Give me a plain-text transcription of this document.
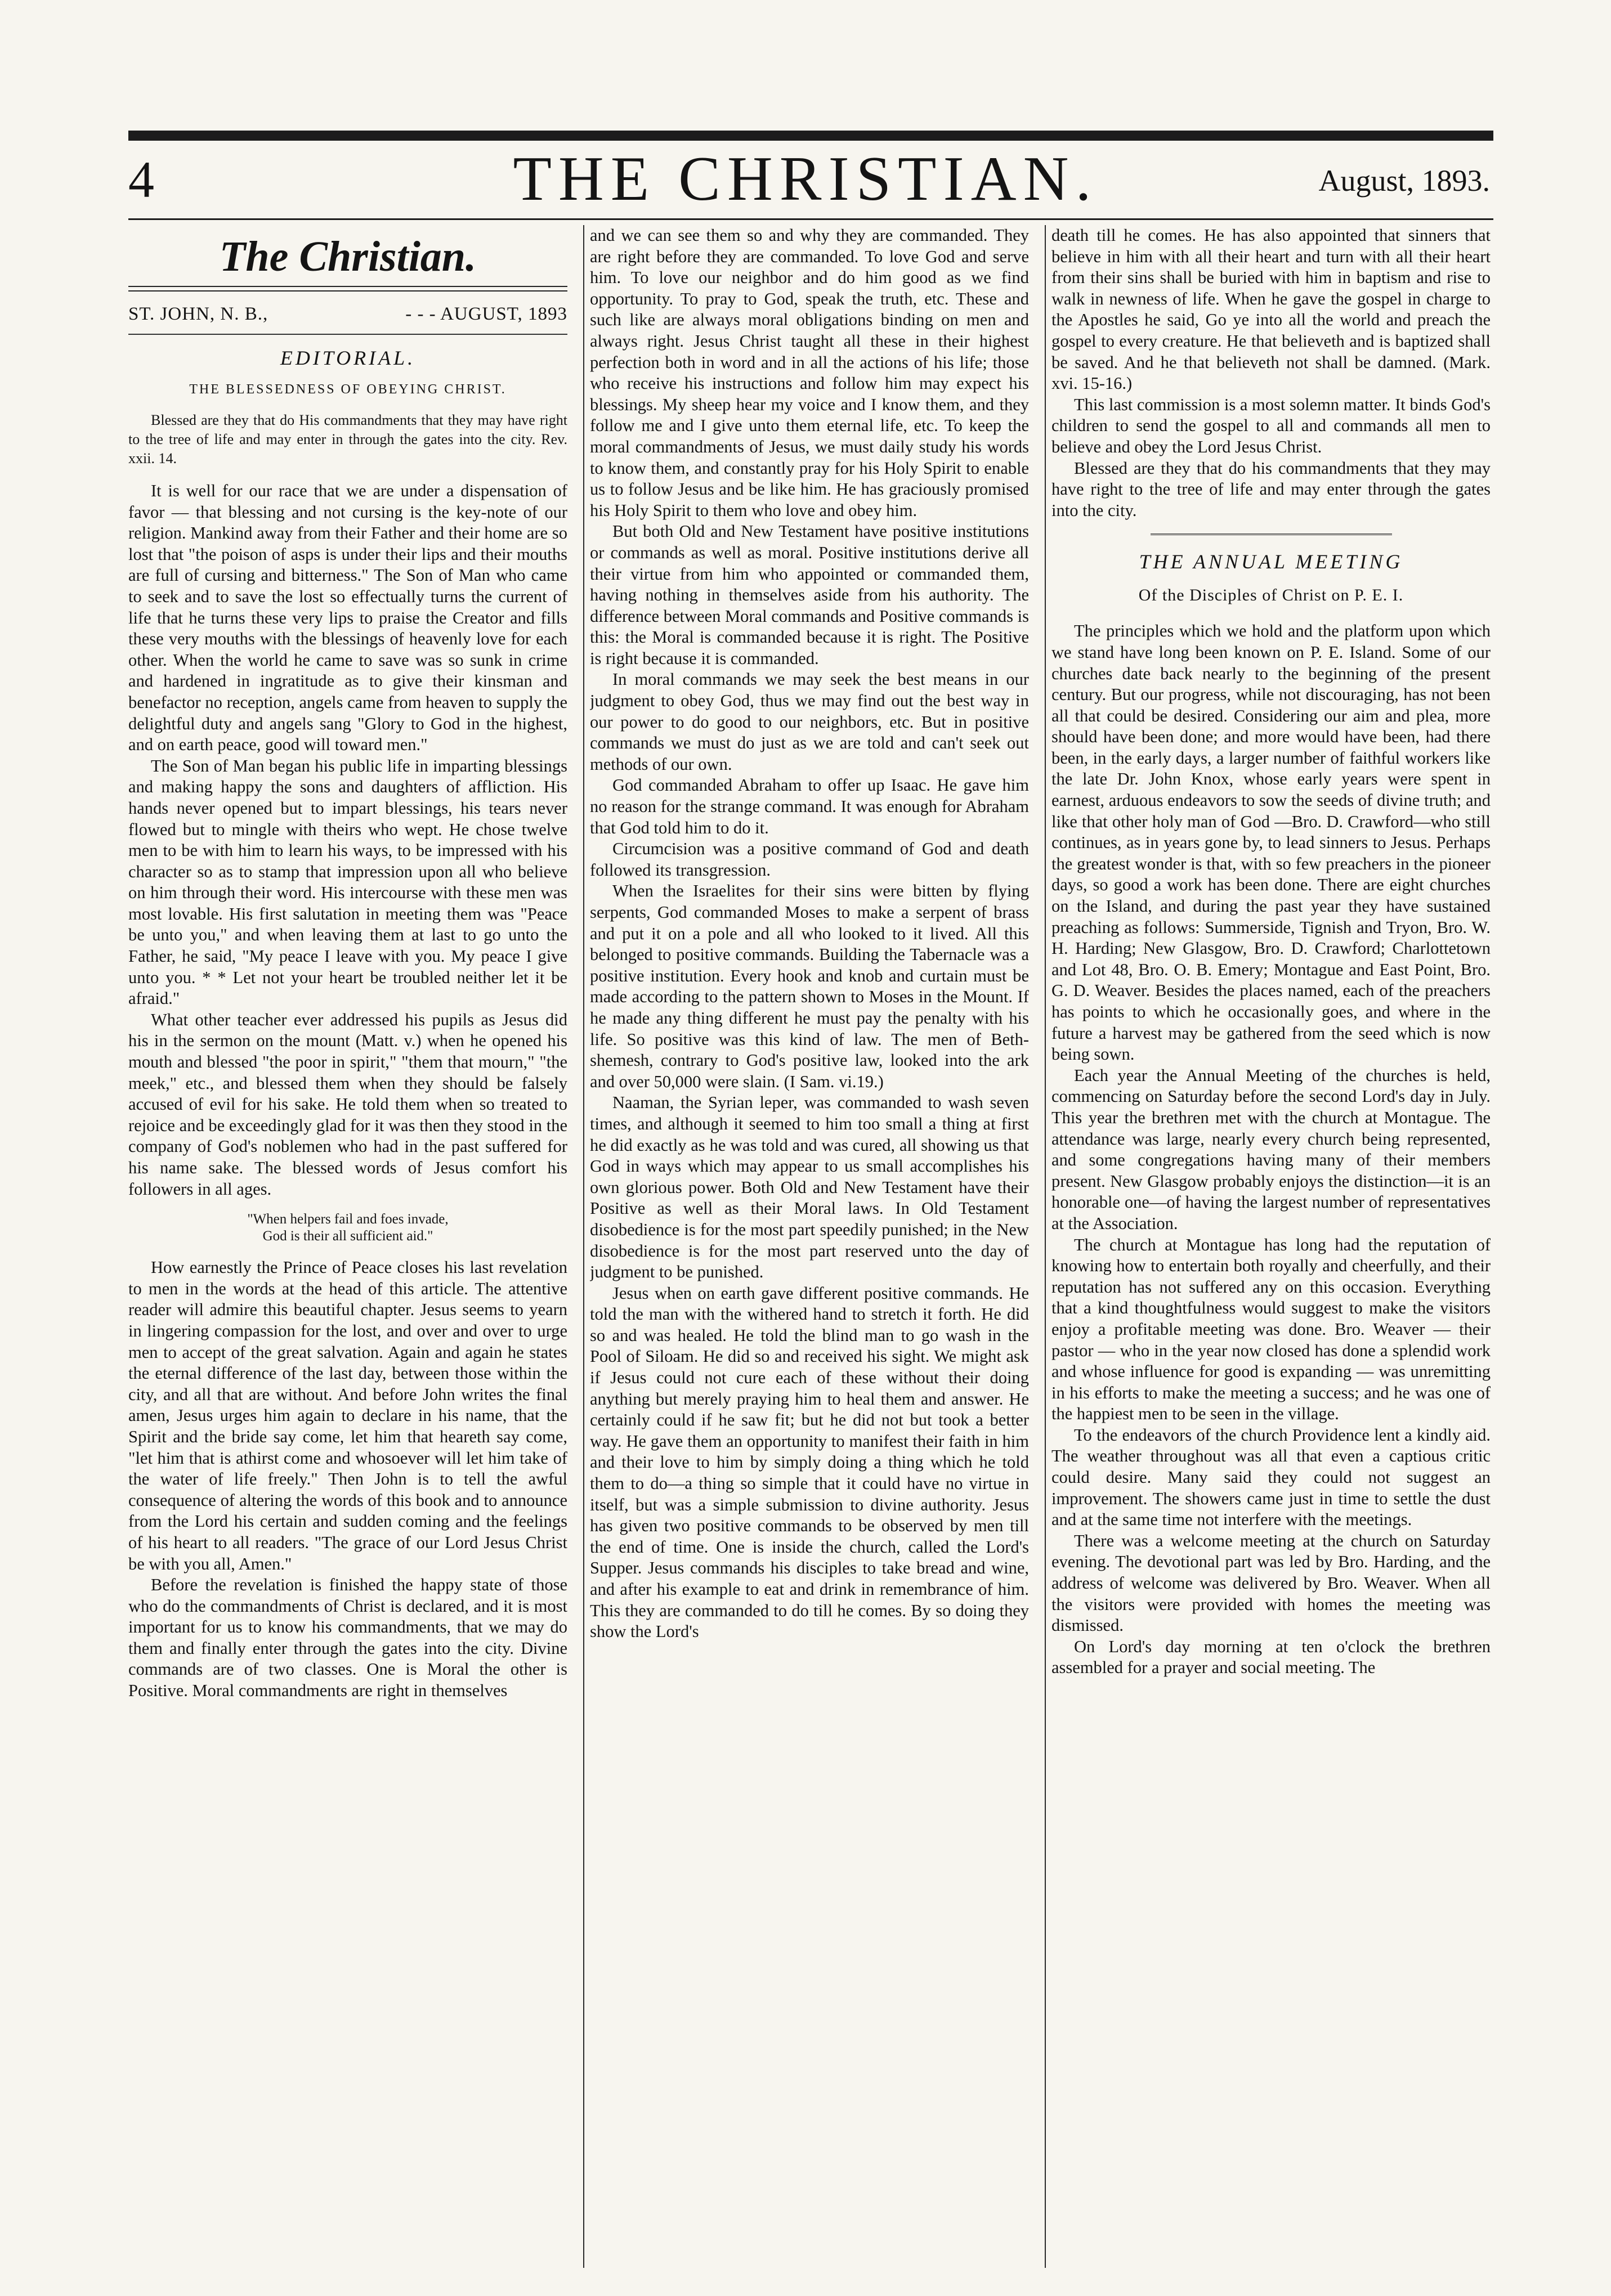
4	THE CHRISTIAN.	August, 1893.
The Christian.
ST. JOHN, N. B.,	- - - AUGUST, 1893
EDITORIAL.
THE BLESSEDNESS OF OBEYING CHRIST.

Blessed are they that do His commandments that they may have right to the tree of life and may enter in through the gates into the city. Rev. xxii. 14.

It is well for our race that we are under a dispensation of favor — that blessing and not cursing is the key-note of our religion. Mankind away from their Father and their home are so lost that "the poison of asps is under their lips and their mouths are full of cursing and bitterness." The Son of Man who came to seek and to save the lost so effectually turns the current of life that he turns these very lips to praise the Creator and fills these very mouths with the blessings of heavenly love for each other. When the world he came to save was so sunk in crime and hardened in ingratitude as to give their kinsman and benefactor no reception, angels came from heaven to supply the delightful duty and angels sang "Glory to God in the highest, and on earth peace, good will toward men."

The Son of Man began his public life in imparting blessings and making happy the sons and daughters of affliction. His hands never opened but to impart blessings, his tears never flowed but to mingle with theirs who wept. He chose twelve men to be with him to learn his ways, to be impressed with his character so as to stamp that impression upon all who believe on him through their word. His intercourse with these men was most lovable. His first salutation in meeting them was "Peace be unto you," and when leaving them at last to go unto the Father, he said, "My peace I leave with you. My peace I give unto you. * * Let not your heart be troubled neither let it be afraid."

What other teacher ever addressed his pupils as Jesus did his in the sermon on the mount (Matt. v.) when he opened his mouth and blessed "the poor in spirit," "them that mourn," "the meek," etc., and blessed them when they should be falsely accused of evil for his sake. He told them when so treated to rejoice and be exceedingly glad for it was then they stood in the company of God's noblemen who had in the past suffered for his name sake. The blessed words of Jesus comfort his followers in all ages.

"When helpers fail and foes invade,
God is their all sufficient aid."

How earnestly the Prince of Peace closes his last revelation to men in the words at the head of this article. The attentive reader will admire this beautiful chapter. Jesus seems to yearn in lingering compassion for the lost, and over and over to urge men to accept of the great salvation. Again and again he states the eternal difference of the last day, between those within the city, and all that are without. And before John writes the final amen, Jesus urges him again to declare in his name, that the Spirit and the bride say come, let him that heareth say come, "let him that is athirst come and whosoever will let him take of the water of life freely." Then John is to tell the awful consequence of altering the words of this book and to announce from the Lord his certain and sudden coming and the feelings of his heart to all readers. "The grace of our Lord Jesus Christ be with you all, Amen."

Before the revelation is finished the happy state of those who do the commandments of Christ is declared, and it is most important for us to know his commandments, that we may do them and finally enter through the gates into the city. Divine commands are of two classes. One is Moral the other is Positive. Moral commandments are right in themselves

and we can see them so and why they are commanded. They are right before they are commanded. To love God and serve him. To love our neighbor and do him good as we find opportunity. To pray to God, speak the truth, etc. These and such like are always moral obligations binding on men and always right. Jesus Christ taught all these in their highest perfection both in word and in all the actions of his life; those who receive his instructions and follow him may expect his blessings. My sheep hear my voice and I know them, and they follow me and I give unto them eternal life, etc. To keep the moral commandments of Jesus, we must daily study his words to know them, and constantly pray for his Holy Spirit to enable us to follow Jesus and be like him. He has graciously promised his Holy Spirit to them who love and obey him.

But both Old and New Testament have positive institutions or commands as well as moral. Positive institutions derive all their virtue from him who appointed or commanded them, having nothing in themselves aside from his authority. The difference between Moral commands and Positive commands is this: the Moral is commanded because it is right. The Positive is right because it is commanded.

In moral commands we may seek the best means in our judgment to obey God, thus we may find out the best way in our power to do good to our neighbors, etc. But in positive commands we must do just as we are told and can't seek out methods of our own.

God commanded Abraham to offer up Isaac. He gave him no reason for the strange command. It was enough for Abraham that God told him to do it.

Circumcision was a positive command of God and death followed its transgression.

When the Israelites for their sins were bitten by flying serpents, God commanded Moses to make a serpent of brass and put it on a pole and all who looked to it lived. All this belonged to positive commands. Building the Tabernacle was a positive institution. Every hook and knob and curtain must be made according to the pattern shown to Moses in the Mount. If he made any thing different he must pay the penalty with his life. So positive was this kind of law. The men of Beth-shemesh, contrary to God's positive law, looked into the ark and over 50,000 were slain. (I Sam. vi.19.)

Naaman, the Syrian leper, was commanded to wash seven times, and although it seemed to him too small a thing at first he did exactly as he was told and was cured, all showing us that God in ways which may appear to us small accomplishes his own glorious power. Both Old and New Testament have their Positive as well as their Moral laws. In Old Testament disobedience is for the most part speedily punished; in the New disobedience is for the most part reserved unto the day of judgment to be punished.

Jesus when on earth gave different positive commands. He told the man with the withered hand to stretch it forth. He did so and was healed. He told the blind man to go wash in the Pool of Siloam. He did so and received his sight. We might ask if Jesus could not cure each of these without their doing anything but merely praying him to heal them and answer. He certainly could if he saw fit; but he did not but took a better way. He gave them an opportunity to manifest their faith in him and their love to him by simply doing a thing which he told them to do—a thing so simple that it could have no virtue in itself, but was a simple submission to divine authority. Jesus has given two positive commands to be observed by men till the end of time. One is inside the church, called the Lord's Supper. Jesus commands his disciples to take bread and wine, and after his example to eat and drink in remembrance of him. This they are commanded to do till he comes. By so doing they show the Lord's

death till he comes. He has also appointed that sinners that believe in him with all their heart and turn with all their heart from their sins shall be buried with him in baptism and rise to walk in newness of life. When he gave the gospel in charge to the Apostles he said, Go ye into all the world and preach the gospel to every creature. He that believeth and is baptized shall be saved. And he that believeth not shall be damned. (Mark. xvi. 15-16.)

This last commission is a most solemn matter. It binds God's children to send the gospel to all and commands all men to believe and obey the Lord Jesus Christ.

Blessed are they that do his commandments that they may have right to the tree of life and may enter through the gates into the city.

THE ANNUAL MEETING
Of the Disciples of Christ on P. E. I.

The principles which we hold and the platform upon which we stand have long been known on P. E. Island. Some of our churches date back nearly to the beginning of the present century. But our progress, while not discouraging, has not been all that could be desired. Considering our aim and plea, more should have been done; and more would have been, had there been, in the early days, a larger number of faithful workers like the late Dr. John Knox, whose early years were spent in earnest, arduous endeavors to sow the seeds of divine truth; and like that other holy man of God —Bro. D. Crawford—who still continues, as in years gone by, to lead sinners to Jesus. Perhaps the greatest wonder is that, with so few preachers in the pioneer days, so good a work has been done. There are eight churches on the Island, and during the past year they have sustained preaching as follows: Summerside, Tignish and Tryon, Bro. W. H. Harding; New Glasgow, Bro. D. Crawford; Charlottetown and Lot 48, Bro. O. B. Emery; Montague and East Point, Bro. G. D. Weaver. Besides the places named, each of the preachers has points to which he occasionally goes, and where in the future a harvest may be gathered from the seed which is now being sown.

Each year the Annual Meeting of the churches is held, commencing on Saturday before the second Lord's day in July. This year the brethren met with the church at Montague. The attendance was large, nearly every church being represented, and some congregations having many of their members present. New Glasgow probably enjoys the distinction—it is an honorable one—of having the largest number of representatives at the Association.

The church at Montague has long had the reputation of knowing how to entertain both royally and cheerfully, and their reputation has not suffered any on this occasion. Everything that a kind thoughtfulness would suggest to make the visitors enjoy a profitable meeting was done. Bro. Weaver — their pastor — who in the year now closed has done a splendid work and whose influence for good is expanding — was unremitting in his efforts to make the meeting a success; and he was one of the happiest men to be seen in the village.

To the endeavors of the church Providence lent a kindly aid. The weather throughout was all that even a captious critic could desire. Many said they could not suggest an improvement. The showers came just in time to settle the dust and at the same time not interfere with the meetings.

There was a welcome meeting at the church on Saturday evening. The devotional part was led by Bro. Harding, and the address of welcome was delivered by Bro. Weaver. When all the visitors were provided with homes the meeting was dismissed.

On Lord's day morning at ten o'clock the brethren assembled for a prayer and social meeting. The
